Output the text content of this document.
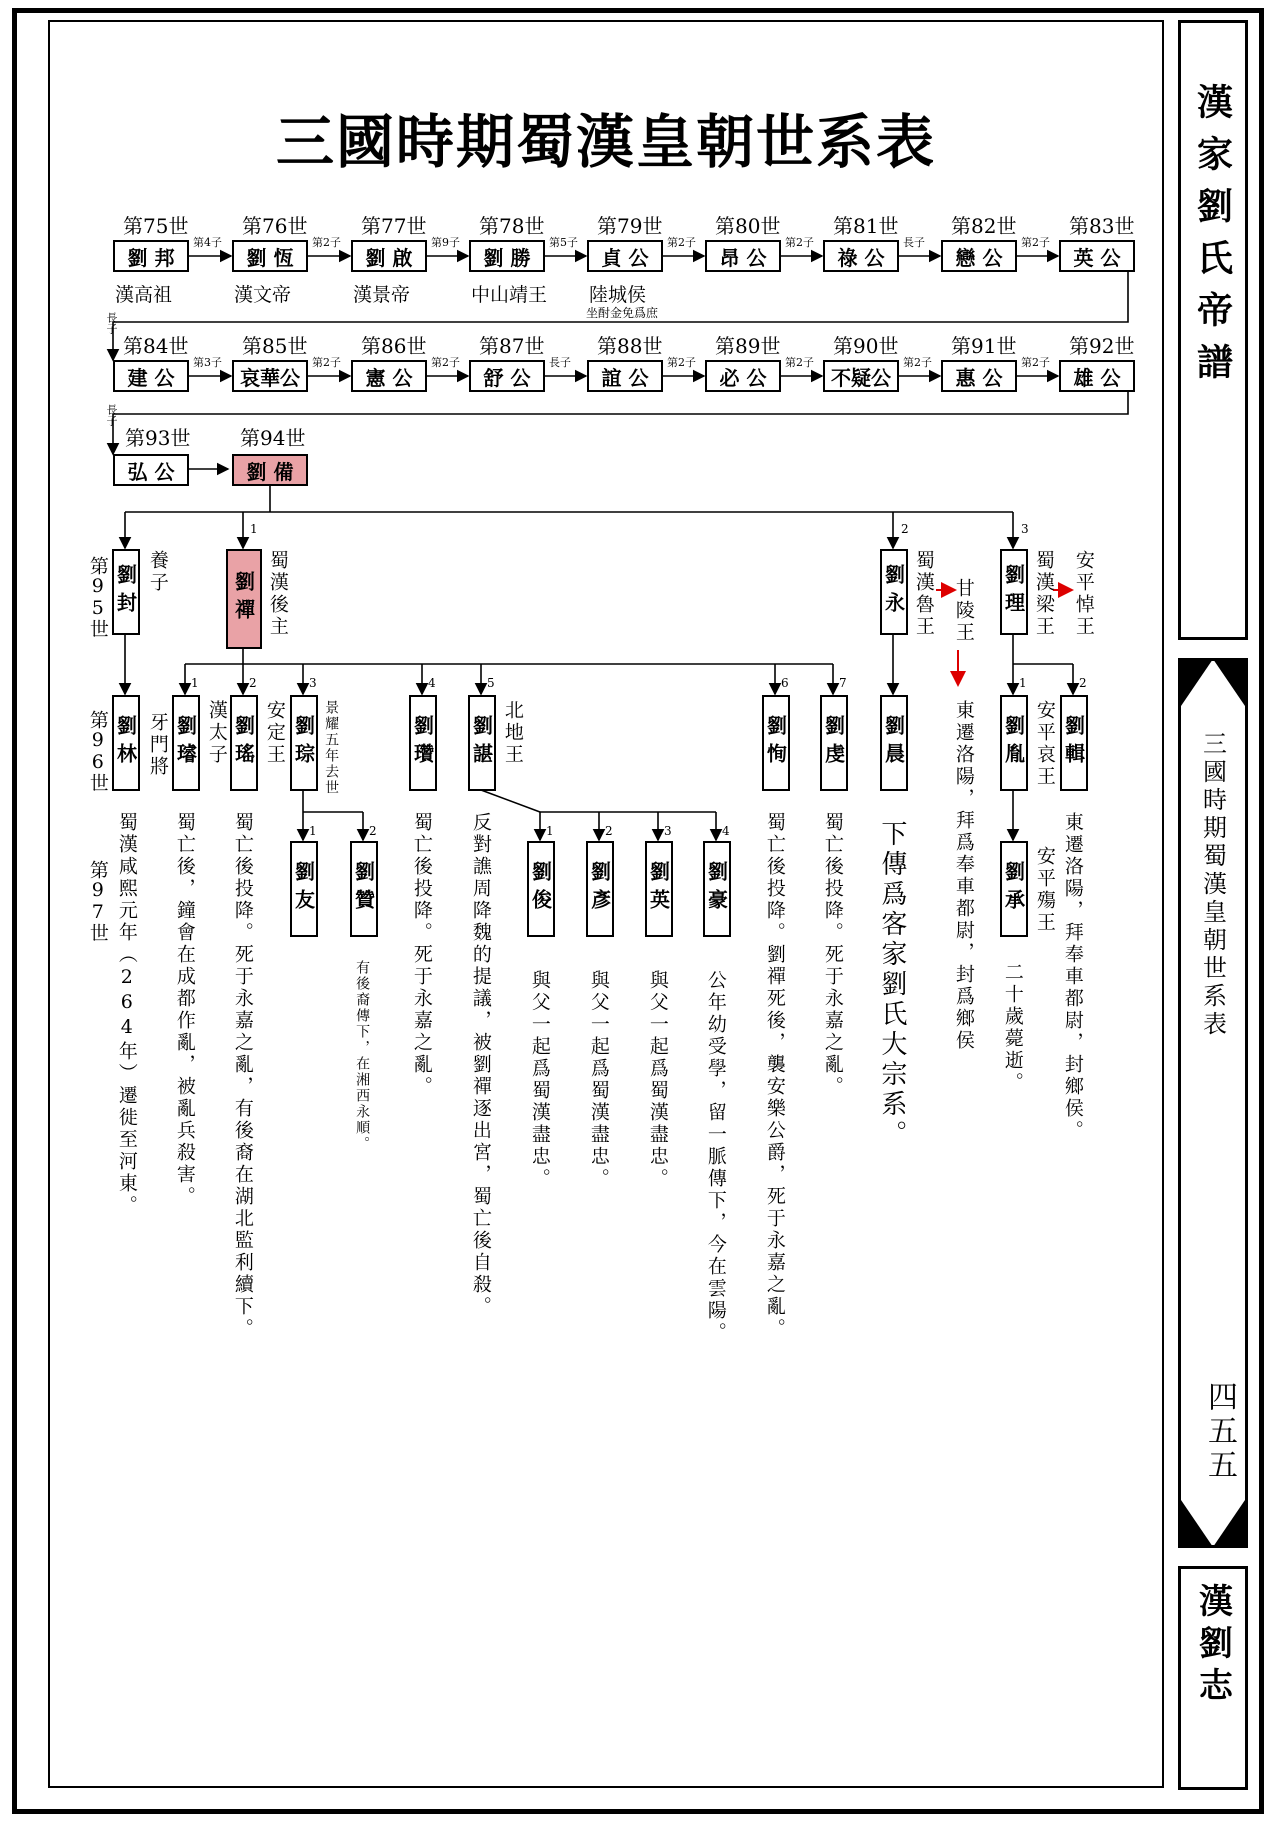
漢家劉氏帝譜
三國時期蜀漢皇朝世系表
四五五
漢劉志
三國時期蜀漢皇朝世系表
第75世
劉 邦
漢高祖
第76世
劉 恆
漢文帝
第77世
劉 啟
漢景帝
第78世
劉 勝
中山靖王
第79世
貞 公
陸城侯
第80世
昂 公
第81世
祿 公
第82世
戀 公
第83世
英 公
第4子	第2子	第9子	第5子	第2子	第2子	長子	第2子
第84世
建 公
第85世
哀華公
第86世
憲 公
第87世
舒 公
第88世
誼 公
第89世
必 公
第90世
不疑公
第91世
惠 公
第92世
雄 公
第3子	第2子	第2子	長子	第2子	第2子	第2子	第2子
坐酎金免爲庶
長子
長子
第93世 第94世
弘 公	劉 備
第95世 劉封 養子
1
劉禪 蜀漢後主
2
劉永 蜀漢魯王 甘陵王
東遷洛陽，拜爲奉車都尉，封爲鄉侯
3
劉理 蜀漢梁王 安平悼王
第96世 劉林 牙門將
1
劉璿 漢太子
蜀亡後，鐘會在成都作亂，被亂兵殺害。
2
劉瑤 安定王
蜀亡後投降。死于永嘉之亂，有後裔在湖北監利續下。
3
劉琮 景耀五年去世
4
劉瓚
蜀亡後投降。死于永嘉之亂。
5
劉諶 北地王
反對譙周降魏的提議，被劉禪逐出宮，蜀亡後自殺。
6
劉恂
蜀亡後投降。劉禪死後，襲安樂公爵，死于永嘉之亂。
7
劉虔
蜀亡後投降。死于永嘉之亂。
劉晨
下傳爲客家劉氏大宗系。
1
劉胤 安平哀王
2
劉輯
東遷洛陽，拜奉車都尉，封鄉侯。
第97世 蜀漢咸熙元年（264年）遷徙至河東。	1
劉友
2
劉贊
有後裔傳下，在湘西永順。
1
劉俊
與父一起爲蜀漢盡忠。
2
劉彥
與父一起爲蜀漢盡忠。
3
劉英
與父一起爲蜀漢盡忠。
4
劉豪
公年幼受學，留一脈傳下，今在雲陽。
劉承 安平殤王
二十歲薨逝。
